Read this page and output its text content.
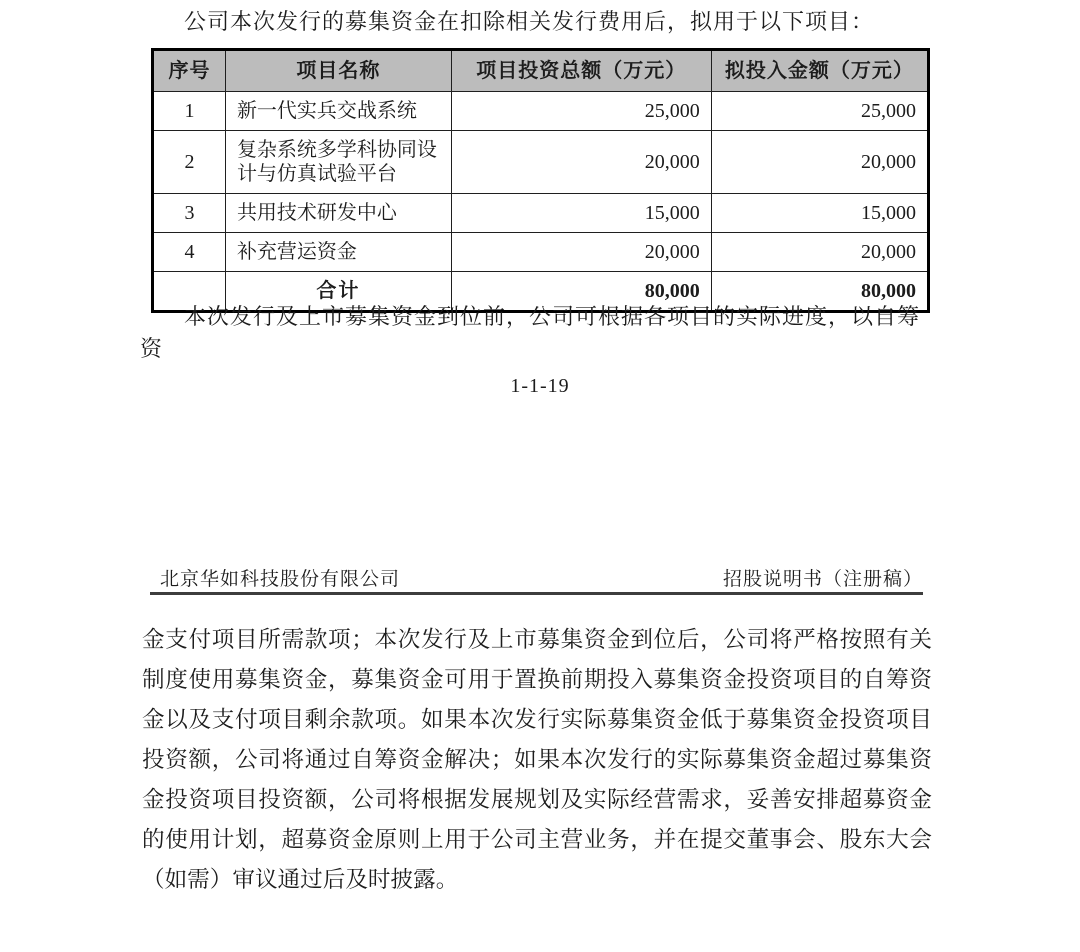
公司本次发行的募集资金在扣除相关发行费用后，拟用于以下项目：

序号	项目名称	项目投资总额（万元）	拟投入金额（万元）
1	新一代实兵交战系统	25,000	25,000
2	复杂系统多学科协同设计与仿真试验平台	20,000	20,000
3	共用技术研发中心	15,000	15,000
4	补充营运资金	20,000	20,000
	合计	80,000	80,000

本次发行及上市募集资金到位前，公司可根据各项目的实际进度，以自筹资

1-1-19
北京华如科技股份有限公司	招股说明书（注册稿）

金支付项目所需款项；本次发行及上市募集资金到位后，公司将严格按照有关制度使用募集资金，募集资金可用于置换前期投入募集资金投资项目的自筹资金以及支付项目剩余款项。如果本次发行实际募集资金低于募集资金投资项目投资额，公司将通过自筹资金解决；如果本次发行的实际募集资金超过募集资金投资项目投资额，公司将根据发展规划及实际经营需求，妥善安排超募资金的使用计划，超募资金原则上用于公司主营业务，并在提交董事会、股东大会（如需）审议通过后及时披露。
